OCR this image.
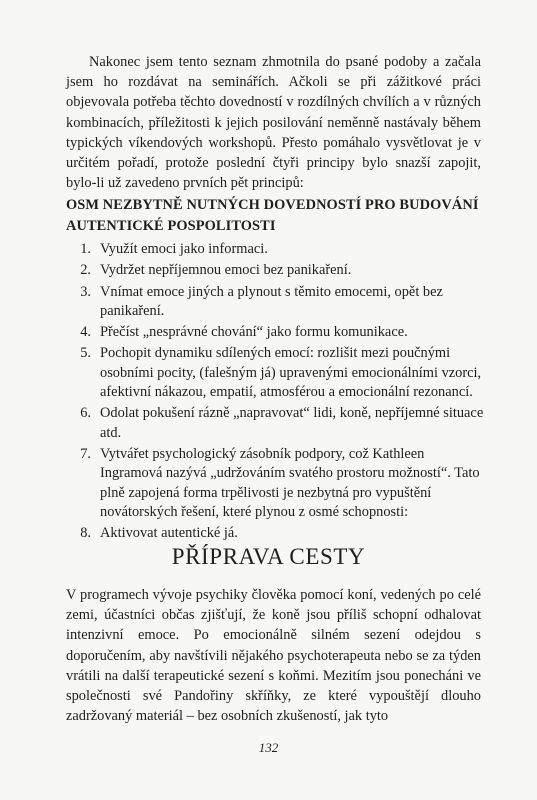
Nakonec jsem tento seznam zhmotnila do psané podoby a začala jsem ho rozdávat na seminářích. Ačkoli se při zážitkové práci objevovala potřeba těchto dovedností v rozdílných chvílích a v různých kombinacích, příležitosti k jejich posilování neměnně nastávaly během typických víkendových workshopů. Přesto pomáhalo vysvětlovat je v určitém pořadí, protože poslední čtyři principy bylo snazší zapojit, bylo-li už zavedeno prvních pět principů:

OSM NEZBYTNĚ NUTNÝCH DOVEDNOSTÍ PRO BUDOVÁNÍ AUTENTICKÉ POSPOLITOSTI
1. Využít emoci jako informaci.
2. Vydržet nepříjemnou emoci bez panikaření.
3. Vnímat emoce jiných a plynout s těmito emocemi, opět bez panikaření.
4. Přečíst „nesprávné chování“ jako formu komunikace.
5. Pochopit dynamiku sdílených emocí: rozlišit mezi poučnými osobními pocity, (falešným já) upravenými emocionálními vzorci, afektivní nákazou, empatií, atmosférou a emocionální rezonancí.
6. Odolat pokušení rázně „napravovat“ lidi, koně, nepříjemné situace atd.
7. Vytvářet psychologický zásobník podpory, což Kathleen Ingramová nazývá „udržováním svatého prostoru možností“. Tato plně zapojená forma trpělivosti je nezbytná pro vypuštění novátorských řešení, které plynou z osmé schopnosti:
8. Aktivovat autentické já.
PŘÍPRAVA CESTY

V programech vývoje psychiky člověka pomocí koní, vedených po celé zemi, účastníci občas zjišťují, že koně jsou příliš schopní odhalovat intenzivní emoce. Po emocionálně silném sezení odejdou s doporučením, aby navštívili nějakého psychoterapeuta nebo se za týden vrátili na další terapeutické sezení s koňmi. Mezitím jsou ponecháni ve společnosti své Pandořiny skříňky, ze které vypouštějí dlouho zadržovaný materiál – bez osobních zkušeností, jak tyto

132
